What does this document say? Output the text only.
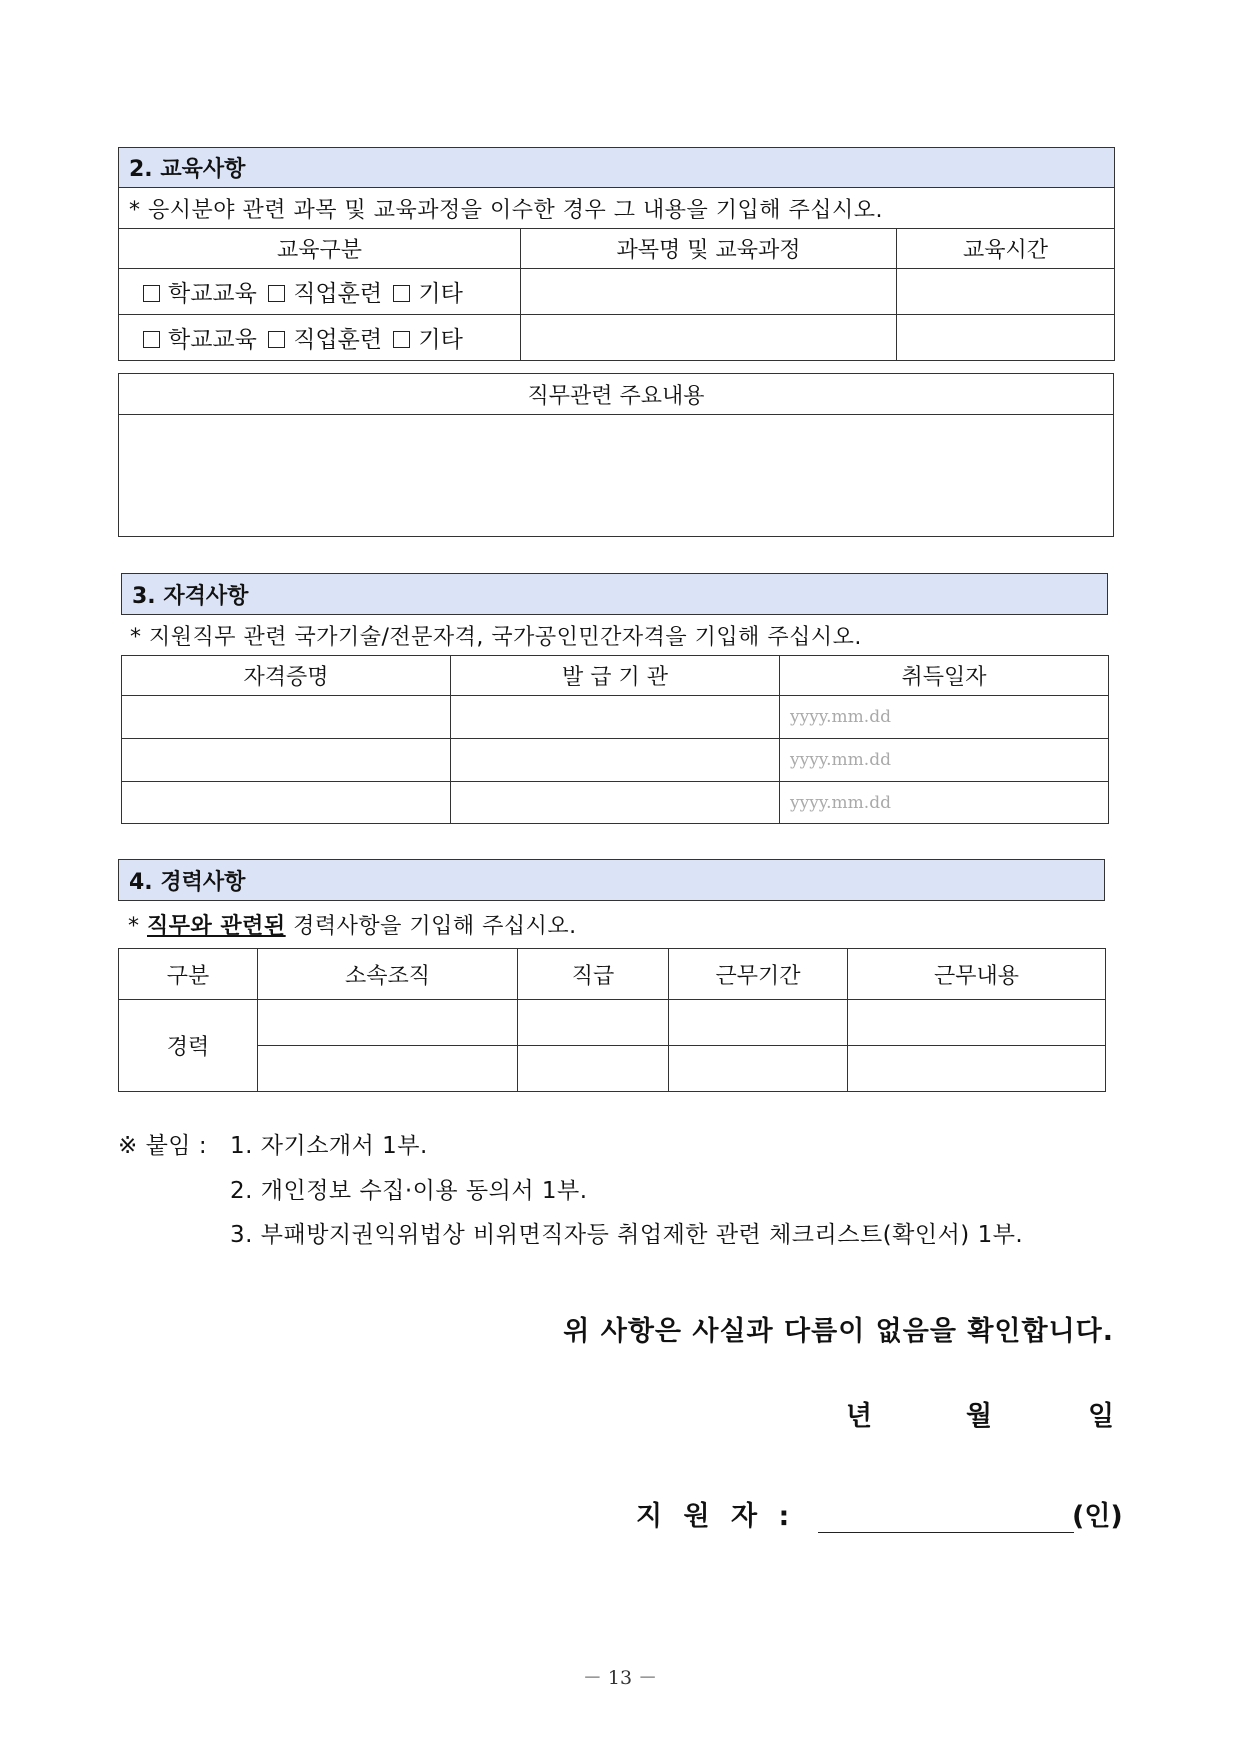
2. 교육사항		
* 응시분야 관련 과목 및 교육과정을 이수한 경우 그 내용을 기입해 주십시오.		
교육구분	과목명 및 교육과정	교육시간
학교교육 직업훈련 기타		
학교교육 직업훈련 기타		
직무관련 주요내용

3. 자격사항
* 지원직무 관련 국가기술/전문자격, 국가공인민간자격을 기입해 주십시오.
자격증명	발 급 기 관	취득일자
		yyyy.mm.dd
		yyyy.mm.dd
		yyyy.mm.dd
4. 경력사항
* 직무와 관련된 경력사항을 기입해 주십시오.
구분	소속조직	직급	근무기간	근무내용
경력				

※ 붙임 : 1. 자기소개서 1부.
2. 개인정보 수집·이용 동의서 1부.
3. 부패방지권익위법상 비위면직자등 취업제한 관련 체크리스트(확인서) 1부.
위 사항은 사실과 다름이 없음을 확인합니다.
년	월	일
지 원 자 :	(인)
－ 13 －
